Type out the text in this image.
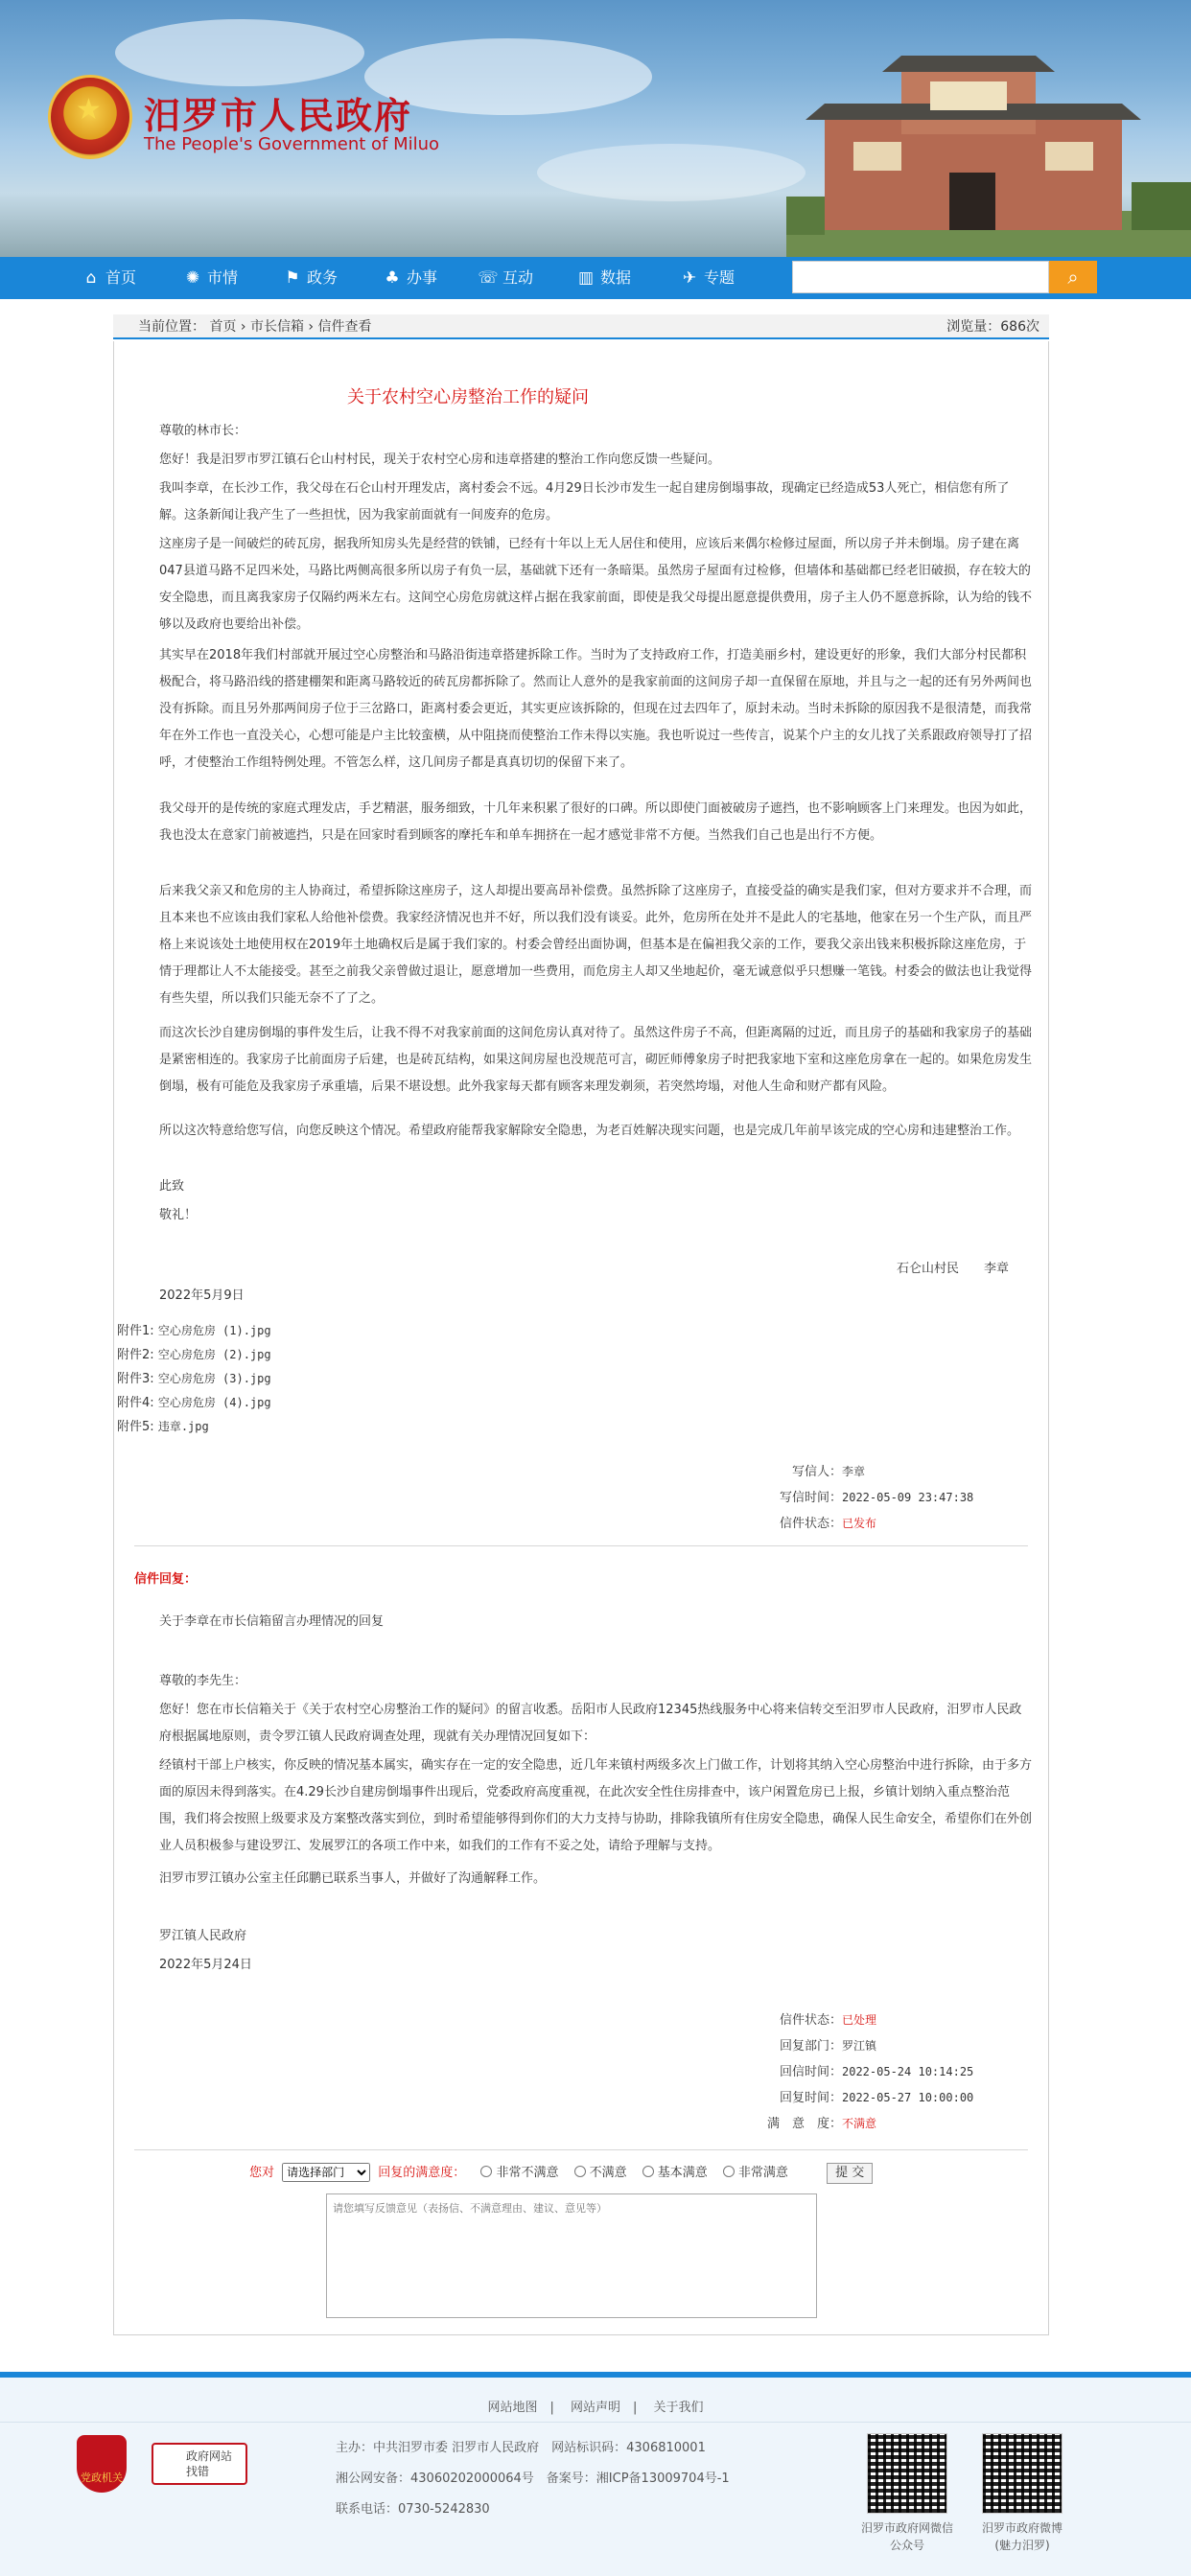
★
汨罗市人民政府
The People's Government of Miluo
⌂ 首页	✺ 市情	⚑ 政务	♣ 办事 ☏ 互动	▥ 数据	✈ 专题	⌕
当前位置： 首页 › 市长信箱 › 信件查看	浏览量：686次
关于农村空心房整治工作的疑问
尊敬的林市长：
您好！我是汨罗市罗江镇石仑山村村民，现关于农村空心房和违章搭建的整治工作向您反馈一些疑问。
我叫李章，在长沙工作，我父母在石仑山村开理发店，离村委会不远。4月29日长沙市发生一起自建房倒塌事故，现确定已经造成53人死亡，相信您有所了解。这条新闻让我产生了一些担忧，因为我家前面就有一间废弃的危房。
这座房子是一间破烂的砖瓦房，据我所知房头先是经营的铁铺，已经有十年以上无人居住和使用，应该后来偶尔检修过屋面，所以房子并未倒塌。房子建在离047县道马路不足四米处，马路比两侧高很多所以房子有负一层，基础就下还有一条暗渠。虽然房子屋面有过检修，但墙体和基础都已经老旧破损，存在较大的安全隐患，而且离我家房子仅隔约两米左右。这间空心房危房就这样占据在我家前面，即使是我父母提出愿意提供费用，房子主人仍不愿意拆除，认为给的钱不够以及政府也要给出补偿。
其实早在2018年我们村部就开展过空心房整治和马路沿街违章搭建拆除工作。当时为了支持政府工作，打造美丽乡村，建设更好的形象，我们大部分村民都积极配合，将马路沿线的搭建棚架和距离马路较近的砖瓦房都拆除了。然而让人意外的是我家前面的这间房子却一直保留在原地，并且与之一起的还有另外两间也没有拆除。而且另外那两间房子位于三岔路口，距离村委会更近，其实更应该拆除的，但现在过去四年了，原封未动。当时未拆除的原因我不是很清楚，而我常年在外工作也一直没关心，心想可能是户主比较蛮横，从中阻挠而使整治工作未得以实施。我也听说过一些传言，说某个户主的女儿找了关系跟政府领导打了招呼，才使整治工作组特例处理。不管怎么样，这几间房子都是真真切切的保留下来了。
我父母开的是传统的家庭式理发店，手艺精湛，服务细致，十几年来积累了很好的口碑。所以即使门面被破房子遮挡，也不影响顾客上门来理发。也因为如此，我也没太在意家门前被遮挡，只是在回家时看到顾客的摩托车和单车拥挤在一起才感觉非常不方便。当然我们自己也是出行不方便。
后来我父亲又和危房的主人协商过，希望拆除这座房子，这人却提出要高昂补偿费。虽然拆除了这座房子，直接受益的确实是我们家，但对方要求并不合理，而且本来也不应该由我们家私人给他补偿费。我家经济情况也并不好，所以我们没有谈妥。此外，危房所在处并不是此人的宅基地，他家在另一个生产队，而且严格上来说该处土地使用权在2019年土地确权后是属于我们家的。村委会曾经出面协调，但基本是在偏袒我父亲的工作，要我父亲出钱来积极拆除这座危房，于情于理都让人不太能接受。甚至之前我父亲曾做过退让，愿意增加一些费用，而危房主人却又坐地起价，毫无诚意似乎只想赚一笔钱。村委会的做法也让我觉得有些失望，所以我们只能无奈不了了之。
而这次长沙自建房倒塌的事件发生后，让我不得不对我家前面的这间危房认真对待了。虽然这件房子不高，但距离隔的过近，而且房子的基础和我家房子的基础是紧密相连的。我家房子比前面房子后建，也是砖瓦结构，如果这间房屋也没规范可言，砌匠师傅象房子时把我家地下室和这座危房拿在一起的。如果危房发生倒塌，极有可能危及我家房子承重墙，后果不堪设想。此外我家每天都有顾客来理发剃须，若突然垮塌，对他人生命和财产都有风险。
所以这次特意给您写信，向您反映这个情况。希望政府能帮我家解除安全隐患，为老百姓解决现实问题，也是完成几年前早该完成的空心房和违建整治工作。
此致
敬礼！
石仑山村民　　李章
2022年5月9日
附件1: 空心房危房 (1).jpg
附件2: 空心房危房 (2).jpg
附件3: 空心房危房 (3).jpg
附件4: 空心房危房 (4).jpg
附件5: 违章.jpg
写信人：李章
写信时间：2022-05-09 23:47:38
信件状态：已发布
信件回复：
关于李章在市长信箱留言办理情况的回复
尊敬的李先生：
您好！您在市长信箱关于《关于农村空心房整治工作的疑问》的留言收悉。岳阳市人民政府12345热线服务中心将来信转交至汨罗市人民政府，汨罗市人民政府根据属地原则，责令罗江镇人民政府调查处理，现就有关办理情况回复如下：
经镇村干部上户核实，你反映的情况基本属实，确实存在一定的安全隐患，近几年来镇村两级多次上门做工作，计划将其纳入空心房整治中进行拆除，由于多方面的原因未得到落实。在4.29长沙自建房倒塌事件出现后，党委政府高度重视，在此次安全性住房排查中，该户闲置危房已上报，乡镇计划纳入重点整治范围，我们将会按照上级要求及方案整改落实到位，到时希望能够得到你们的大力支持与协助，排除我镇所有住房安全隐患，确保人民生命安全，希望你们在外创业人员积极参与建设罗江、发展罗江的各项工作中来，如我们的工作有不妥之处，请给予理解与支持。
汨罗市罗江镇办公室主任邱鹏已联系当事人，并做好了沟通解释工作。
罗江镇人民政府
2022年5月24日
信件状态：已处理
回复部门：罗江镇
回信时间：2022-05-24 10:14:25
回复时间：2022-05-27 10:00:00
满　意　度：不满意
您对
请选择部门	回复的满意度： 非常不满意 不满意 基本满意 非常满意	提 交
请您填写反馈意见（表扬信、不满意理由、建议、意见等）
网站地图　|　 网站声明　|　 关于我们
主办：中共汨罗市委 汨罗市人民政府　网站标识码：4306810001
湘公网安备：43060202000064号　备案号：湘ICP备13009704号-1
联系电话：0730-5242830
汨罗市政府网微信
公众号
汨罗市政府微博
(魅力汨罗)
党政机关
政府网站
找错
